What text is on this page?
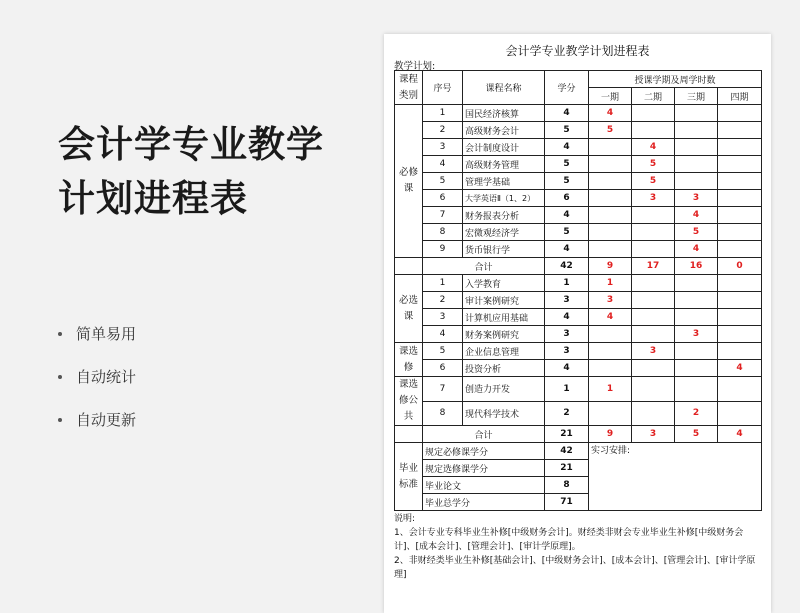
会计学专业教学
计划进程表
简单易用
自动统计
自动更新
会计学专业教学计划进程表
教学计划:
课程类别	序号	课程名称	学分	授课学期及周学时数			
				一期	二期	三期	四期
必修课	1	国民经济核算	4	4			
	2	高级财务会计	5	5			
	3	会计制度设计	4		4		
	4	高级财务管理	5		5		
	5	管理学基础	5		5		
	6	大学英语Ⅱ（1、2）	6		3	3	
	7	财务报表分析	4			4	
	8	宏微观经济学	5			5	
	9	货币银行学	4			4	
	合计		42	9	17	16	0
必选课	1	入学教育	1	1			
	2	审计案例研究	3	3			
	3	计算机应用基础	4	4			
	4	财务案例研究	3			3	
课选修	5	企业信息管理	3		3		
	6	投资分析	4				4
课选修公共	7	创造力开发	1	1			
	8	现代科学技术	2			2	
	合计		21	9	3	5	4
毕业标准	规定必修课学分		42	实习安排:			
	规定选修课学分		21				
	毕业论文		8				
	毕业总学分		71				
说明:
1、会计专业专科毕业生补修[中级财务会计]。财经类非财会专业毕业生补修[中级财务会计]、[成本会计]、[管理会计]、[审计学原理]。
2、非财经类毕业生补修[基础会计]、[中级财务会计]、[成本会计]、[管理会计]、[审计学原理]
